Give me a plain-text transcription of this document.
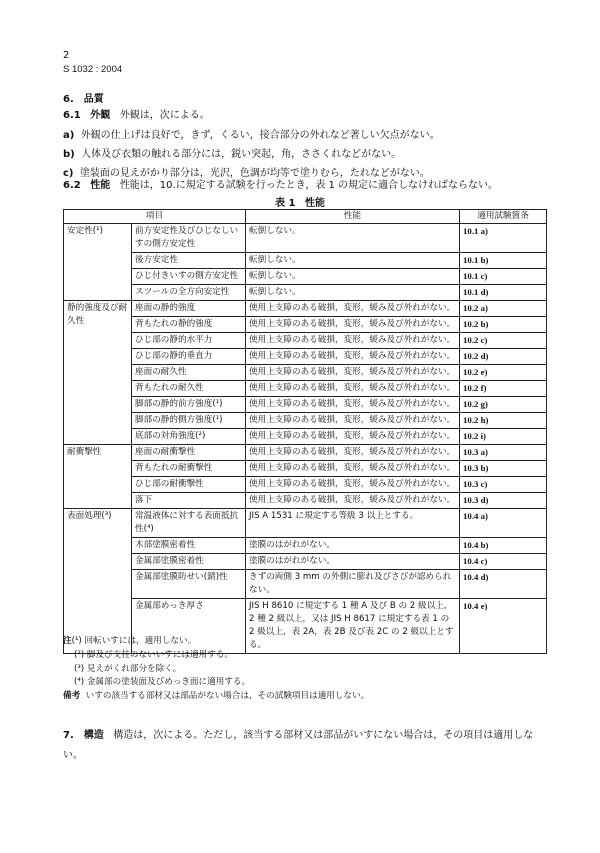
2
S 1032 : 2004
6.　品質
6.1 外観 外観は，次による。
a) 外観の仕上げは良好で，きず，くるい，接合部分の外れなど著しい欠点がない。
b) 人体及び衣類の触れる部分には，鋭い突起，角，ささくれなどがない。
c) 塗装面の見えがかり部分は，光沢，色調が均等で塗りむら，たれなどがない。
6.2 性能 性能は，10.に規定する試験を行ったとき，表 1 の規定に適合しなければならない。
表 1 性能
項目		性能	適用試験箇条
安定性(¹)	前方安定性及びひじなしいすの側方安定性	転倒しない。	10.1 a)
	後方安定性	転倒しない。	10.1 b)
	ひじ付きいすの側方安定性	転倒しない。	10.1 c)
	スツールの全方向安定性	転倒しない。	10.1 d)
静的強度及び耐久性	座面の静的強度	使用上支障のある破損，変形，緩み及び外れがない。	10.2 a)
	背もたれの静的強度	使用上支障のある破損，変形，緩み及び外れがない。	10.2 b)
	ひじ部の静的水平力	使用上支障のある破損，変形，緩み及び外れがない。	10.2 c)
	ひじ部の静的垂直力	使用上支障のある破損，変形，緩み及び外れがない。	10.2 d)
	座面の耐久性	使用上支障のある破損，変形，緩み及び外れがない。	10.2 e)
	背もたれの耐久性	使用上支障のある破損，変形，緩み及び外れがない。	10.2 f)
	脚部の静的前方強度(¹)	使用上支障のある破損，変形，緩み及び外れがない。	10.2 g)
	脚部の静的側方強度(¹)	使用上支障のある破損，変形，緩み及び外れがない。	10.2 h)
	底部の対角強度(²)	使用上支障のある破損，変形，緩み及び外れがない。	10.2 i)
耐衝撃性	座面の耐衝撃性	使用上支障のある破損，変形，緩み及び外れがない。	10.3 a)
	背もたれの耐衝撃性	使用上支障のある破損，変形，緩み及び外れがない。	10.3 b)
	ひじ部の耐衝撃性	使用上支障のある破損，変形，緩み及び外れがない。	10.3 c)
	落下	使用上支障のある破損，変形，緩み及び外れがない。	10.3 d)
表面処理(³)	常温液体に対する表面抵抗性(⁴)	JIS A 1531 に規定する等級 3 以上とする。	10.4 a)
	木部塗膜密着性	塗膜のはがれがない。	10.4 b)
	金属部塗膜密着性	塗膜のはがれがない。	10.4 c)
	金属部塗膜防せい(錆)性	きずの両側 3 mm の外側に膨れ及びさびが認められない。	10.4 d)
	金属部めっき厚さ	JIS H 8610 に規定する 1 種 A 及び B の 2 級以上，2 種 2 級以上，又は JIS H 8617 に規定する表 1 の 2 級以上，表 2A，表 2B 及び表 2C の 2 級以上とする。	10.4 e)
注(¹) 回転いすには，適用しない。
(²) 脚及び支柱のないいすには適用する。
(³) 見えがくれ部分を除く。
(⁴) 金属部の塗装面及びめっき面に適用する。
備考 いすの該当する部材又は部品がない場合は，その試験項目は適用しない。
7.　構造 構造は，次による。ただし，該当する部材又は部品がいすにない場合は，その項目は適用しない。
